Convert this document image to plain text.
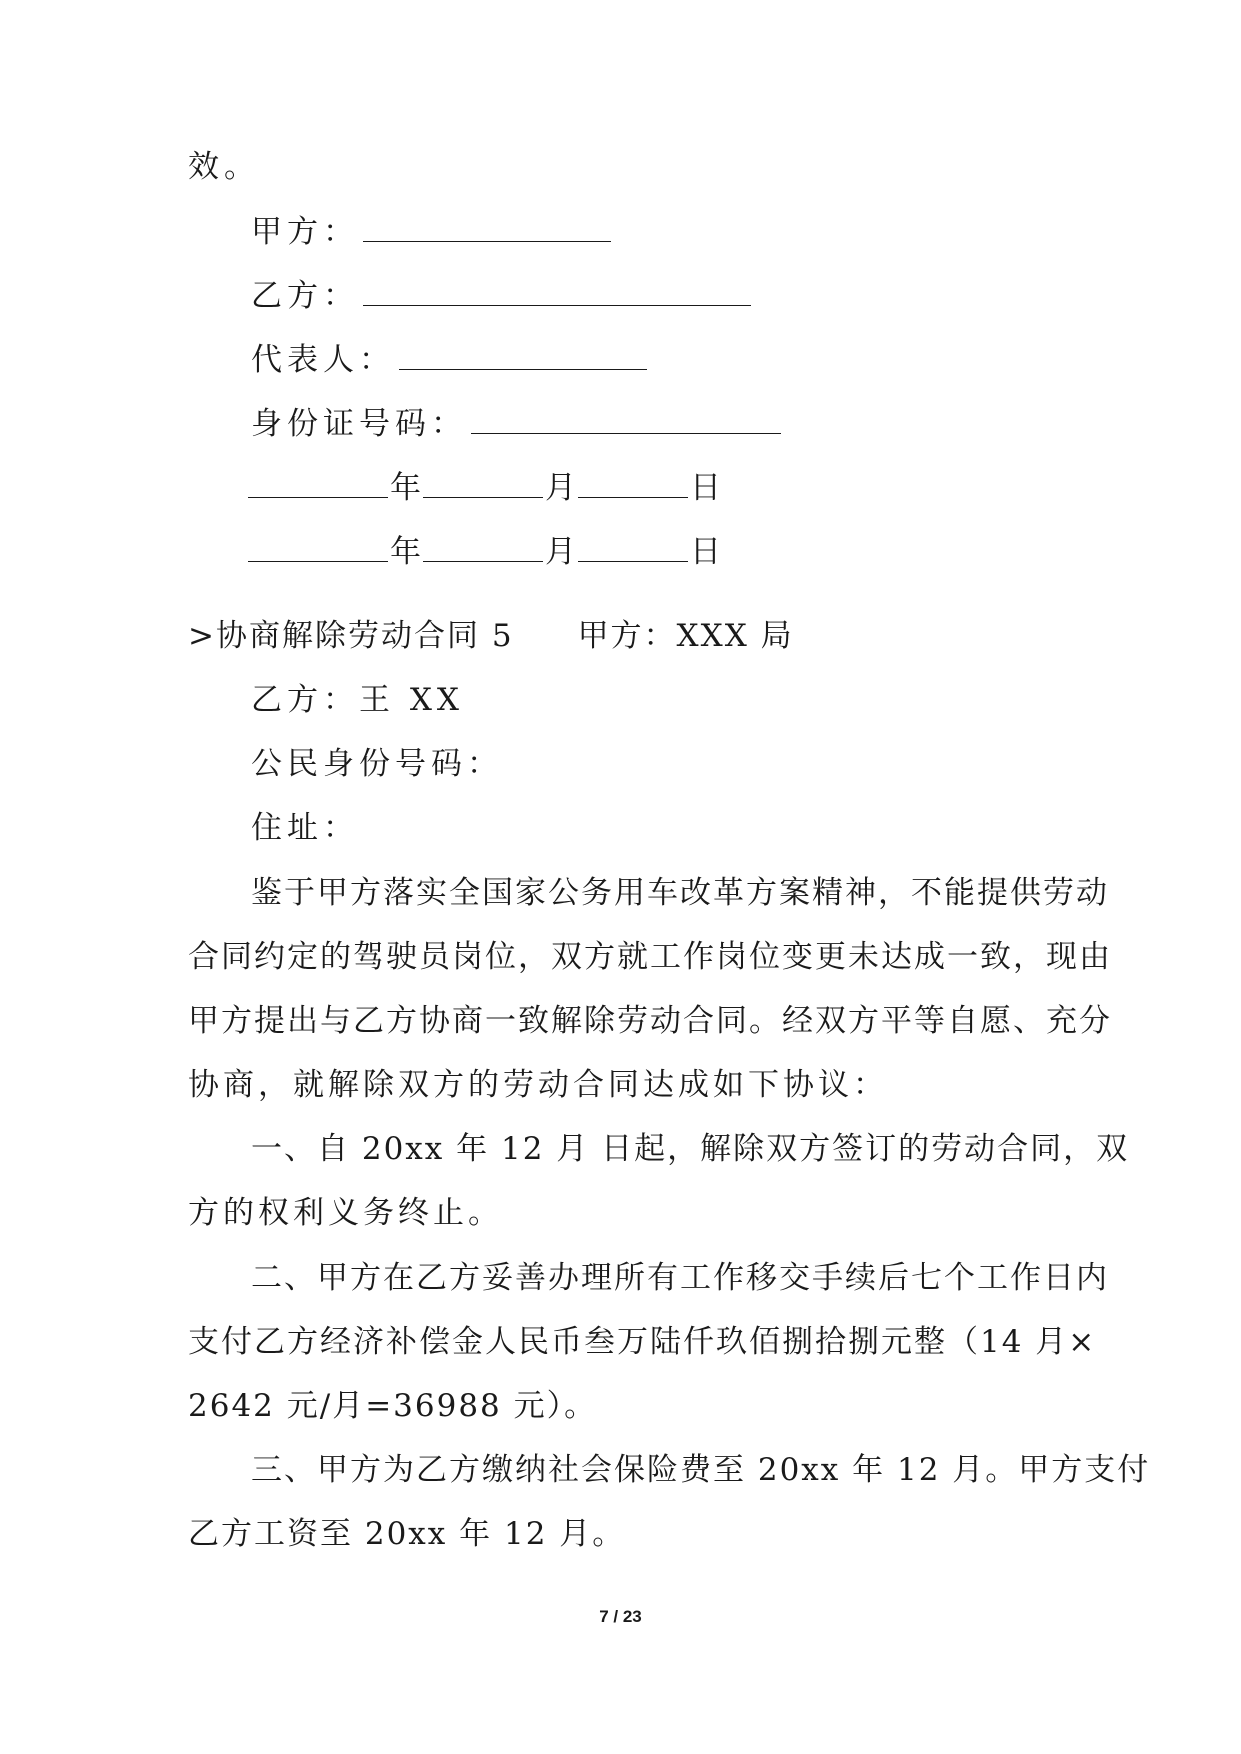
效。
甲方：
乙方：
代表人：
身份证号码：
年	月	日
年	月	日
>协商解除劳动合同 5 甲方：XXX 局
乙方：王 XX
公民身份号码：
住址：
鉴于甲方落实全国家公务用车改革方案精神，不能提供劳动
合同约定的驾驶员岗位，双方就工作岗位变更未达成一致，现由
甲方提出与乙方协商一致解除劳动合同。经双方平等自愿、充分
协商，就解除双方的劳动合同达成如下协议：
一、自 20xx 年 12 月 日起，解除双方签订的劳动合同，双
方的权利义务终止。
二、甲方在乙方妥善办理所有工作移交手续后七个工作日内
支付乙方经济补偿金人民币叁万陆仟玖佰捌拾捌元整（14 月×
2642 元/月=36988 元）。
三、甲方为乙方缴纳社会保险费至 20xx 年 12 月。甲方支付
乙方工资至 20xx 年 12 月。
7 / 23
